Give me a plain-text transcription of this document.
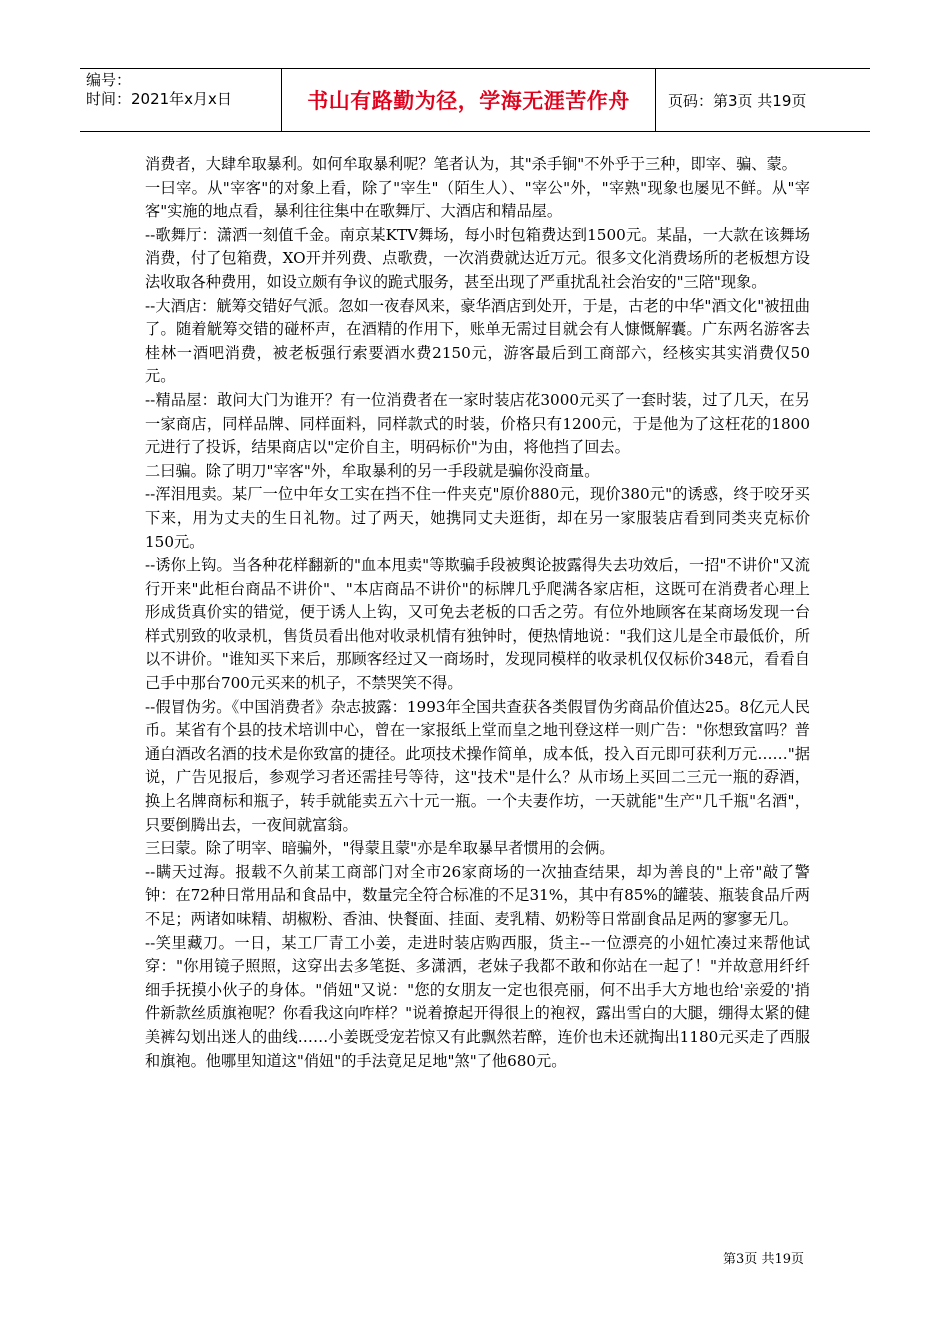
编号：
时间：2021年x月x日	书山有路勤为径，学海无涯苦作舟	页码：第3页 共19页

消费者，大肆牟取暴利。如何牟取暴利呢？笔者认为，其"杀手锏"不外乎于三种，即宰、骗、蒙。

一曰宰。从"宰客"的对象上看，除了"宰生"（陌生人）、"宰公"外，"宰熟"现象也屡见不鲜。从"宰客"实施的地点看，暴利往往集中在歌舞厅、大酒店和精品屋。

--歌舞厅：潇洒一刻值千金。南京某KTV舞场，每小时包箱费达到1500元。某晶，一大款在该舞场消费，付了包箱费，XO开并列费、点歌费，一次消费就达近万元。很多文化消费场所的老板想方设法收取各种费用，如设立颇有争议的跪式服务，甚至出现了严重扰乱社会治安的"三陪"现象。

--大酒店：觥筹交错好气派。忽如一夜春风来，豪华酒店到处开，于是，古老的中华"酒文化"被扭曲了。随着觥筹交错的碰杯声，在酒精的作用下，账单无需过目就会有人慷慨解囊。广东两名游客去桂林一酒吧消费，被老板强行索要酒水费2150元，游客最后到工商部六，经核实其实消费仅50元。

--精品屋：敢问大门为谁开？有一位消费者在一家时装店花3000元买了一套时装，过了几天，在另一家商店，同样品牌、同样面料，同样款式的时装，价格只有1200元，于是他为了这枉花的1800元进行了投诉，结果商店以"定价自主，明码标价"为由，将他挡了回去。

二曰骗。除了明刀"宰客"外，牟取暴利的另一手段就是骗你没商量。

--浑泪甩卖。某厂一位中年女工实在挡不住一件夹克"原价880元，现价380元"的诱惑，终于咬牙买下来，用为丈夫的生日礼物。过了两天，她携同丈夫逛街，却在另一家服装店看到同类夹克标价150元。

--诱你上钩。当各种花样翻新的"血本甩卖"等欺骗手段被舆论披露得失去功效后，一招"不讲价"又流行开来"此柜台商品不讲价"、"本店商品不讲价"的标牌几乎爬满各家店柜，这既可在消费者心理上形成货真价实的错觉，便于诱人上钩，又可免去老板的口舌之劳。有位外地顾客在某商场发现一台样式别致的收录机，售货员看出他对收录机情有独钟时，便热情地说："我们这儿是全市最低价，所以不讲价。"谁知买下来后，那顾客经过又一商场时，发现同模样的收录机仅仅标价348元，看看自己手中那台700元买来的机子，不禁哭笑不得。

--假冒伪劣。《中国消费者》杂志披露：1993年全国共查获各类假冒伪劣商品价值达25。8亿元人民币。某省有个县的技术培训中心，曾在一家报纸上堂而皇之地刊登这样一则广告："你想致富吗？普通白酒改名酒的技术是你致富的捷径。此项技术操作简单，成本低，投入百元即可获利万元……"据说，广告见报后，参观学习者还需挂号等待，这"技术"是什么？从市场上买回二三元一瓶的孬酒，换上名牌商标和瓶子，转手就能卖五六十元一瓶。一个夫妻作坊，一天就能"生产"几千瓶"名酒"，只要倒腾出去，一夜间就富翁。

三曰蒙。除了明宰、暗骗外，"得蒙且蒙"亦是牟取暴早者惯用的会俩。

--瞒天过海。报载不久前某工商部门对全市26家商场的一次抽查结果，却为善良的"上帝"敲了警钟：在72种日常用品和食品中，数量完全符合标准的不足31%，其中有85%的罐装、瓶装食品斤两不足；两诸如味精、胡椒粉、香油、快餐面、挂面、麦乳精、奶粉等日常副食品足两的寥寥无几。

--笑里藏刀。一日，某工厂青工小姜，走进时装店购西服，货主--一位漂亮的小妞忙凑过来帮他试穿："你用镜子照照，这穿出去多笔挺、多潇洒，老妹子我都不敢和你站在一起了！"并故意用纤纤细手抚摸小伙子的身体。"俏妞"又说："您的女朋友一定也很亮丽，何不出手大方地也给'亲爱的'捎件新款丝质旗袍呢？你看我这向咋样？"说着撩起开得很上的袍衩，露出雪白的大腿，绷得太紧的健美裤勾划出迷人的曲线……小姜既受宠若惊又有此飘然若醉，连价也未还就掏出1180元买走了西服和旗袍。他哪里知道这"俏妞"的手法竟足足地"煞"了他680元。

第3页 共19页
